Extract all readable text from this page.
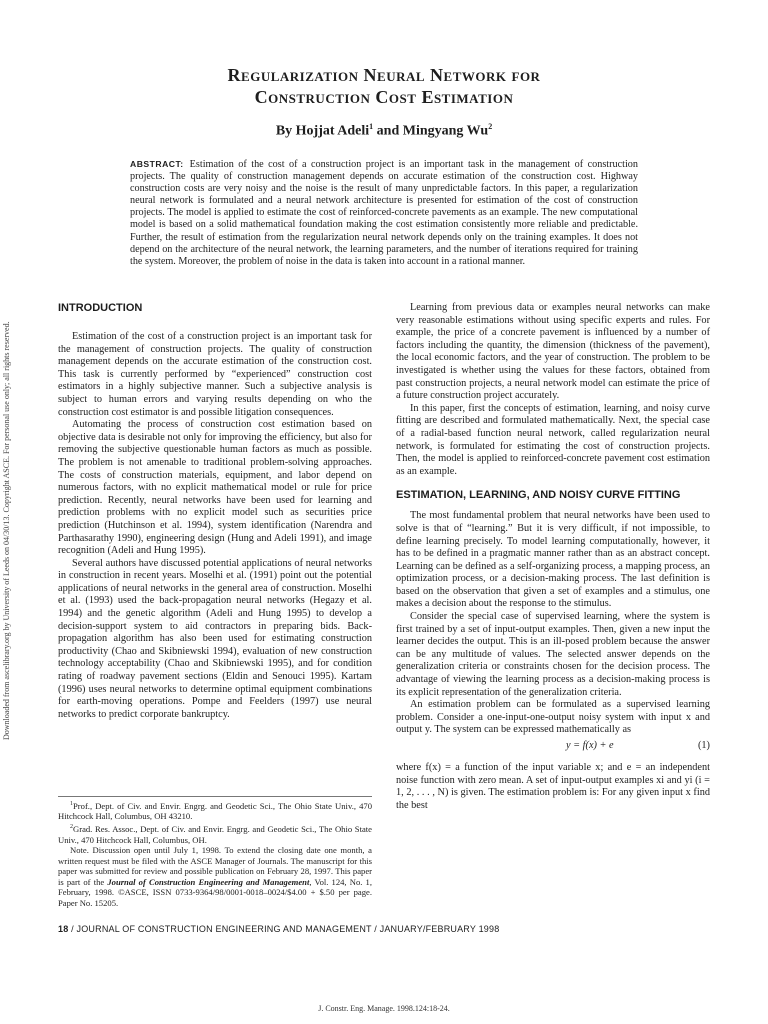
Downloaded from ascelibrary.org by University of Leeds on 04/30/13. Copyright ASCE. For personal use only; all rights reserved.
Regularization Neural Network for
Construction Cost Estimation
By Hojjat Adeli$^1$ and Mingyang Wu$^2$
ABSTRACT: Estimation of the cost of a construction project is an important task in the management of construction projects. The quality of construction management depends on accurate estimation of the construction cost. Highway construction costs are very noisy and the noise is the result of many unpredictable factors. In this paper, a regularization neural network is formulated and a neural network architecture is presented for estimation of the cost of construction projects. The model is applied to estimate the cost of reinforced-concrete pavements as an example. The new computational model is based on a solid mathematical foundation making the cost estimation consistently more reliable and predictable. Further, the result of estimation from the regularization neural network depends only on the training examples. It does not depend on the architecture of the neural network, the learning parameters, and the number of iterations required for training the system. Moreover, the problem of noise in the data is taken into account in a rational manner.
INTRODUCTION

Estimation of the cost of a construction project is an important task for the management of construction projects. The quality of construction management depends on the accurate estimation of the construction cost. This task is currently performed by “experienced” construction cost estimators in a highly subjective manner. Such a subjective analysis is subject to human errors and varying results depending on who the construction cost estimator is and possible litigation consequences.

Automating the process of construction cost estimation based on objective data is desirable not only for improving the efficiency, but also for removing the subjective questionable human factors as much as possible. The problem is not amenable to traditional problem-solving approaches. The costs of construction materials, equipment, and labor depend on numerous factors, with no explicit mathematical model or rule for price prediction. Recently, neural networks have been used for learning and prediction problems with no explicit model such as securities price prediction (Hutchinson et al. 1994), system identification (Narendra and Parthasarathy 1990), engineering design (Hung and Adeli 1991), and image recognition (Adeli and Hung 1995).

Several authors have discussed potential applications of neural networks in construction in recent years. Moselhi et al. (1991) point out the potential applications of neural networks in the general area of construction. Moselhi et al. (1993) used the back-propagation neural networks (Hegazy et al. 1994) and the genetic algorithm (Adeli and Hung 1995) to develop a decision-support system to aid contractors in preparing bids. Back-propagation algorithm has also been used for estimating construction productivity (Chao and Skibniewski 1994), evaluation of new construction technology acceptability (Chao and Skibniewski 1995), and for condition rating of roadway pavement sections (Eldin and Senouci 1995). Kartam (1996) uses neural networks to determine optimal equipment combinations for earth-moving operations. Pompe and Feelders (1997) use neural networks to predict corporate bankruptcy.

$^1$Prof., Dept. of Civ. and Envir. Engrg. and Geodetic Sci., The Ohio State Univ., 470 Hitchcock Hall, Columbus, OH 43210.

$^2$Grad. Res. Assoc., Dept. of Civ. and Envir. Engrg. and Geodetic Sci., The Ohio State Univ., 470 Hitchcock Hall, Columbus, OH.

Note. Discussion open until July 1, 1998. To extend the closing date one month, a written request must be filed with the ASCE Manager of Journals. The manuscript for this paper was submitted for review and possible publication on February 28, 1997. This paper is part of the Journal of Construction Engineering and Management, Vol. 124, No. 1, February, 1998. ©ASCE, ISSN 0733-9364/98/0001-0018–0024/$4.00 + $.50 per page. Paper No. 15205.

Learning from previous data or examples neural networks can make very reasonable estimations without using specific experts and rules. For example, the price of a concrete pavement is influenced by a number of factors including the quantity, the dimension (thickness of the pavement), the local economic factors, and the year of construction. The problem to be investigated is whether using the values for these factors, obtained from past construction projects, a neural network model can estimate the price of a future construction project accurately.

In this paper, first the concepts of estimation, learning, and noisy curve fitting are described and formulated mathematically. Next, the special case of a radial-based function neural network, called regularization neural network, is formulated for estimating the cost of construction projects. Then, the model is applied to reinforced-concrete pavement cost estimation as an example.

ESTIMATION, LEARNING, AND NOISY CURVE FITTING

The most fundamental problem that neural networks have been used to solve is that of “learning.” But it is very difficult, if not impossible, to define learning precisely. To model learning computationally, however, it has to be defined in a pragmatic manner rather than as an abstract concept. Learning can be defined as a self-organizing process, a mapping process, an optimization process, or a decision-making process. The last definition is based on the observation that given a set of examples and a stimulus, one makes a decision about the response to the stimulus.

Consider the special case of supervised learning, where the system is first trained by a set of input-output examples. Then, given a new input the learner decides the output. This is an ill-posed problem because the answer can be any multitude of values. The selected answer depends on the generalization criteria or constraints chosen for the decision process. The advantage of viewing the learning process as a decision-making process is its explicit representation of the generalization criteria.

An estimation problem can be formulated as a supervised learning problem. Consider a one-input-one-output noisy system with input x and output y. The system can be expressed mathematically as

y = f(x) + e	(1)

where f(x) = a function of the input variable x; and e = an independent noise function with zero mean. A set of input-output examples xi and yi (i = 1, 2, . . . , N) is given. The estimation problem is: For any given input x find the best

18 / JOURNAL OF CONSTRUCTION ENGINEERING AND MANAGEMENT / JANUARY/FEBRUARY 1998
J. Constr. Eng. Manage. 1998.124:18-24.
